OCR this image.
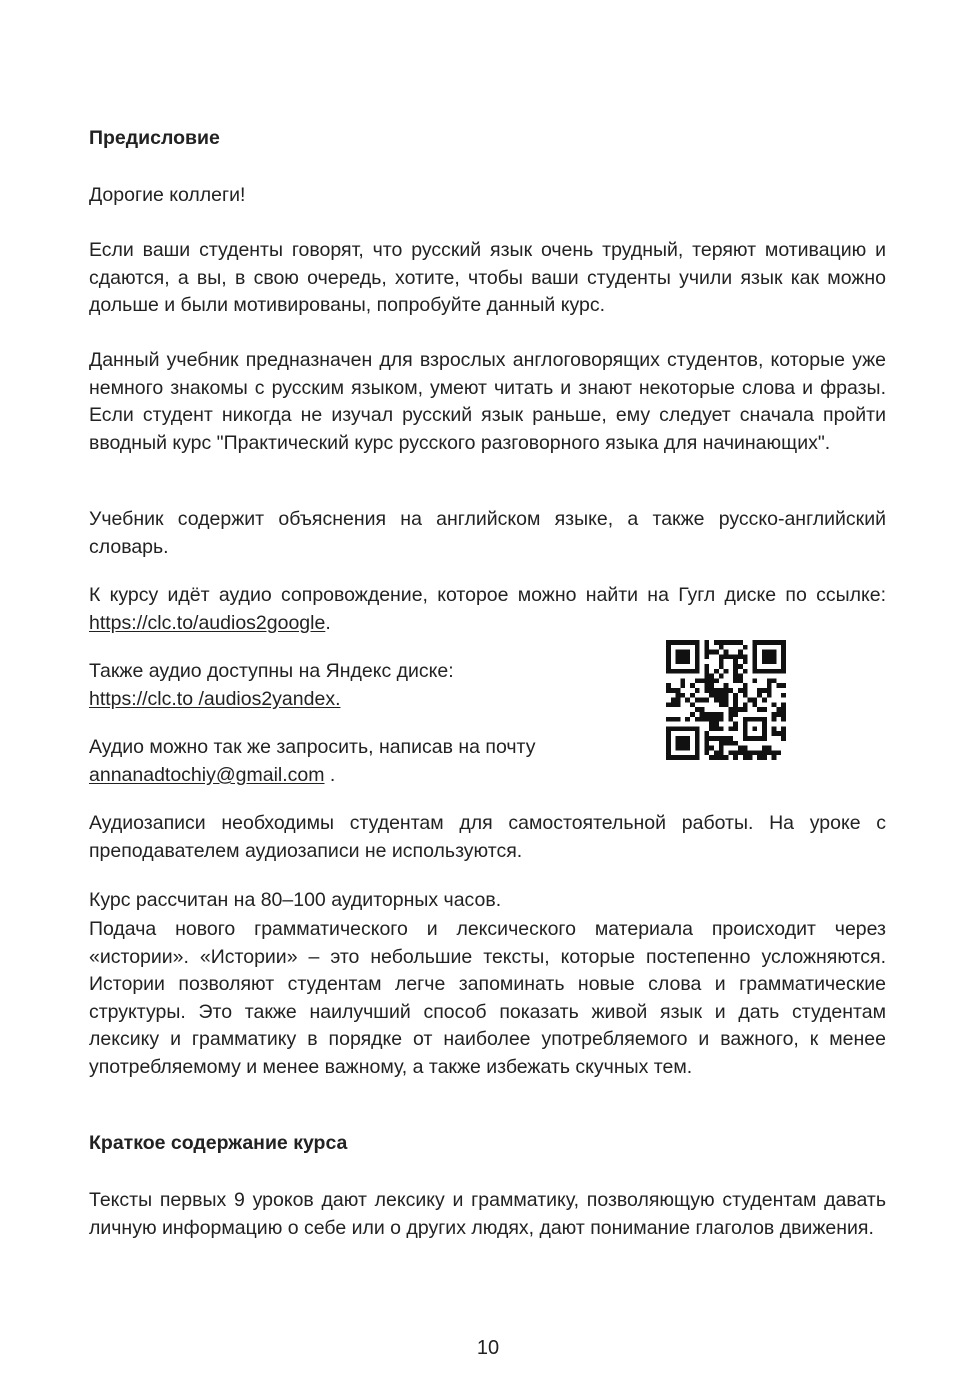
Предисловие

Дорогие коллеги!

Если ваши студенты говорят, что русский язык очень трудный, теряют мотивацию и сдаются, а вы, в свою очередь, хотите, чтобы ваши студенты учили язык как можно дольше и были мотивированы, попробуйте данный курс.

Данный учебник предназначен для взрослых англоговорящих студентов, которые уже немного знакомы с русским языком, умеют читать и знают некоторые слова и фразы. Если студент никогда не изучал русский язык раньше, ему следует сначала пройти вводный курс "Практический курс русского разговорного языка для начинающих".

Учебник содержит объяснения на английском языке, а также русско-английский словарь.

К курсу идёт аудио сопровождение, которое можно найти на Гугл диске по ссылке: https://clc.to/audios2google.

Также аудио доступны на Яндекс диске:
https://clc.to /audios2yandex.

Аудио можно так же запросить, написав на почту
annanadtochiy@gmail.com .

Аудиозаписи необходимы студентам для самостоятельной работы. На уроке с преподавателем аудиозаписи не используются.

Курс рассчитан на 80‒100 аудиторных часов.

Подача нового грамматического и лексического материала происходит через «истории». «Истории» ‒ это небольшие тексты, которые постепенно усложняются. Истории позволяют студентам легче запоминать новые слова и грамматические структуры. Это также наилучший способ показать живой язык и дать студентам лексику и грамматику в порядке от наиболее употребляемого и важного, к менее употребляемому и менее важному, а также избежать скучных тем.

Краткое содержание курса

Тексты первых 9 уроков дают лексику и грамматику, позволяющую студентам давать личную информацию о себе или о других людях, дают понимание глаголов движения.

10
